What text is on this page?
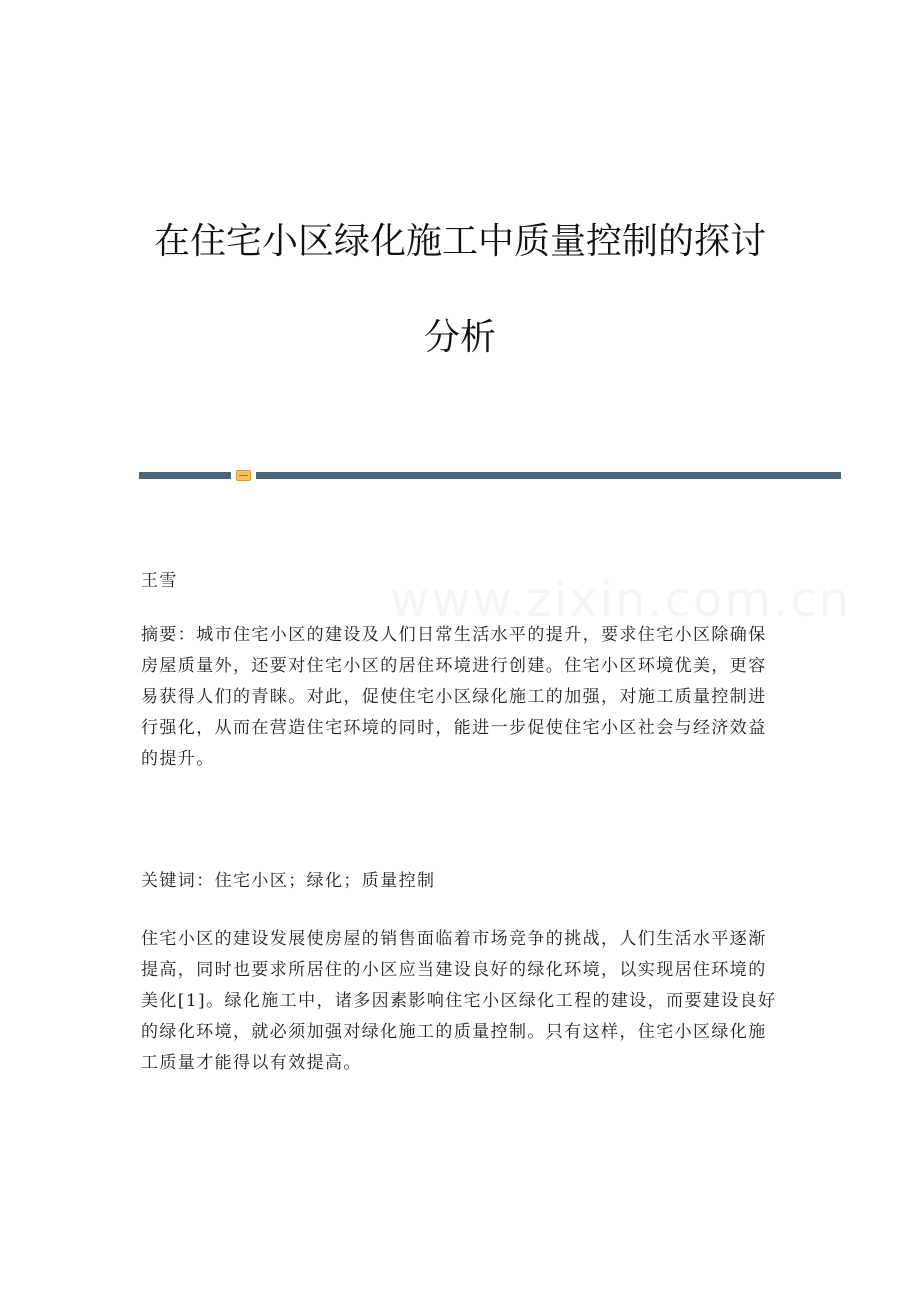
在住宅小区绿化施工中质量控制的探讨
分析
www.zixin.com.cn
王雪
摘要：城市住宅小区的建设及人们日常生活水平的提升，要求住宅小区除确保
房屋质量外，还要对住宅小区的居住环境进行创建。住宅小区环境优美，更容
易获得人们的青睐。对此，促使住宅小区绿化施工的加强，对施工质量控制进
行强化，从而在营造住宅环境的同时，能进一步促使住宅小区社会与经济效益
的提升。
关键词：住宅小区；绿化；质量控制
住宅小区的建设发展使房屋的销售面临着市场竞争的挑战，人们生活水平逐渐
提高，同时也要求所居住的小区应当建设良好的绿化环境，以实现居住环境的
美化[1]。绿化施工中，诸多因素影响住宅小区绿化工程的建设，而要建设良好
的绿化环境，就必须加强对绿化施工的质量控制。只有这样，住宅小区绿化施
工质量才能得以有效提高。
